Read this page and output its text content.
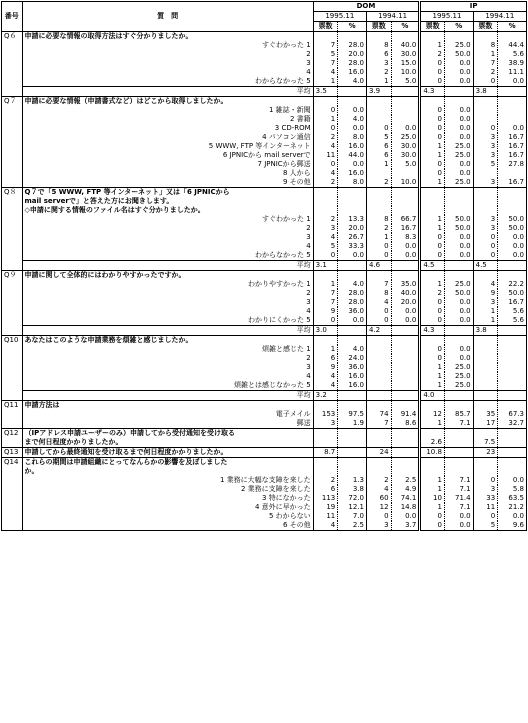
番号	質　問	DOM				IP			
		1995.11		1994.11		1995.11		1994.11	
		票数	%	票数	%	票数	%	票数	%
Q６	申請に必要な情報の取得方法はすぐ分かりましたか。								
	すぐわかった 1	7	28.0	8	40.0	1	25.0	8	44.4
	2	5	20.0	6	30.0	2	50.0	1	5.6
	3	7	28.0	3	15.0	0	0.0	7	38.9
	4	4	16.0	2	10.0	0	0.0	2	11.1
	わからなかった 5	1	4.0	1	5.0	0	0.0	0	0.0
	平均	3.5		3.9		4.3		3.8	
Q７	申請に必要な情報（申請書式など）はどこから取得しましたか。								
	1 雑誌・新聞	0	0.0			0	0.0		
	2 書籍	1	4.0			0	0.0		
	3 CD-ROM	0	0.0	0	0.0	0	0.0	0	0.0
	4 パソコン通信	2	8.0	5	25.0	0	0.0	3	16.7
	5 WWW, FTP 等インターネット	4	16.0	6	30.0	1	25.0	3	16.7
	6 JPNICから mail serverで	11	44.0	6	30.0	1	25.0	3	16.7
	7 JPNICから郵送	0	0.0	1	5.0	0	0.0	5	27.8
	8 人から	4	16.0			0	0.0		
	9 その他	2	8.0	2	10.0	1	25.0	3	16.7
Q８	Q７で「5 WWW, FTP 等インターネット」又は「6 JPNICから								
	mail serverで」と答えた方にお聞きします。								
	◇申請に関する情報のファイル名はすぐ分かりましたか。								
	すぐわかった 1	2	13.3	8	66.7	1	50.0	3	50.0
	2	3	20.0	2	16.7	1	50.0	3	50.0
	3	4	26.7	1	8.3	0	0.0	0	0.0
	4	5	33.3	0	0.0	0	0.0	0	0.0
	わからなかった 5	0	0.0	0	0.0	0	0.0	0	0.0
	平均	3.1		4.6		4.5		4.5	
Q９	申請に関して全体的にはわかりやすかったですか。								
	わかりやすかった 1	1	4.0	7	35.0	1	25.0	4	22.2
	2	7	28.0	8	40.0	2	50.0	9	50.0
	3	7	28.0	4	20.0	0	0.0	3	16.7
	4	9	36.0	0	0.0	0	0.0	1	5.6
	わかりにくかった 5	0	0.0	0	0.0	0	0.0	1	5.6
	平均	3.0		4.2		4.3		3.8	
Q10	あなたはこのような申請業務を煩雑と感じましたか。								
	煩雑と感じた 1	1	4.0			0	0.0		
	2	6	24.0			0	0.0		
	3	9	36.0			1	25.0		
	4	4	16.0			1	25.0		
	煩雑とは感じなかった 5	4	16.0			1	25.0		
	平均	3.2				4.0			
Q11	申請方法は								
	電子メイル	153	97.5	74	91.4	12	85.7	35	67.3
	郵送	3	1.9	7	8.6	1	7.1	17	32.7
Q12	（IPアドレス申請ユーザーのみ）申請してから受付通知を受け取る								
	まで何日程度かかりましたか。					2.6		7.5	
Q13	申請してから最終通知を受け取るまで何日程度かかりましたか。	8.7		24		10.8		23	
Q14	これらの期間は申請組織にとってなんらかの影響を及ぼしました								
	か。								
	1 業務に大幅な支障を来した	2	1.3	2	2.5	1	7.1	0	0.0
	2 業務に支障を来した	6	3.8	4	4.9	1	7.1	3	5.8
	3 特になかった	113	72.0	60	74.1	10	71.4	33	63.5
	4 意外に早かった	19	12.1	12	14.8	1	7.1	11	21.2
	5 わからない	11	7.0	0	0.0	0	0.0	0	0.0
	6 その他	4	2.5	3	3.7	0	0.0	5	9.6
